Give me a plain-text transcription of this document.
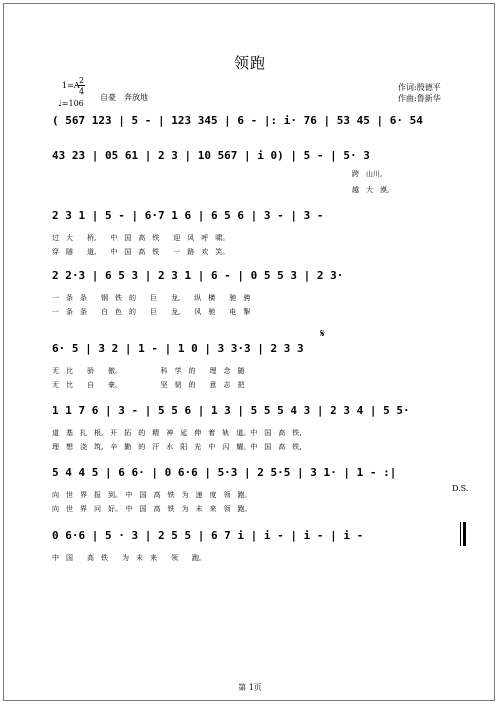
领跑
1=A
2
4
♩=106
自豪　奔放地
作词:殷德平
作曲:鲁新华
( 567 123 | 5 - | 123 345 | 6 - |: i· 76 | 53 45 | 6· 54
43 23 | 05 61 | 2 3 | 10 567 | i 0) | 5 - | 5· 3
跨　山川,
越　大　漠,
2 3 1 | 5 - | 6·7 1 6 | 6 5 6 | 3 - | 3 -
过　大　　桥,　　中　国　高　铁　　迎　风　呼　啸。
穿　隧　　道,　　中　国　高　铁　　一　路　欢　笑。
2 2·3 | 6 5 3 | 2 3 1 | 6 - | 0 5 5 3 | 2 3·
一　条　条　　钢　铁　的　　巨　　龙,　　纵　横　　驰　骋
一　条　条　　白　色　的　　巨　　龙,　　风　驰　　电　掣
𝄋
6· 5 | 3 2 | 1 - | 1 0 | 3 3·3 | 2 3 3
无　比　　骄　　傲。　　　　　　科　学　的　　理　念　随
无　比　　自　　豪。　　　　　　坚　韧　的　　意　志　把
1 1 7 6 | 3 - | 5 5 6 | 1 3 | 5 5 5 4 3 | 2 3 4 | 5 5·
道　基　扎　根,　开　拓　的　精　神　延　伸　着　轨　道。中　国　高　铁,
理　想　浇　筑,　辛　勤　的　汗　水　阳　光　中　闪　耀。中　国　高　铁,
5 4 4 5 | 6 6· | 0 6·6 | 5·3 | 2 5·5 | 3 1· | 1 - :|
向　世　界　报　到。　中　国　高　铁　为　速　度　领　跑。
向　世　界　问　好。　中　国　高　铁　为　未　来　领　跑。
D.S.
0 6·6 | 5 · 3 | 2 5 5 | 6 7 i | i - | i - | i -
中　国　　高　铁　　为　未　来　　领　　跑。
第 1页
